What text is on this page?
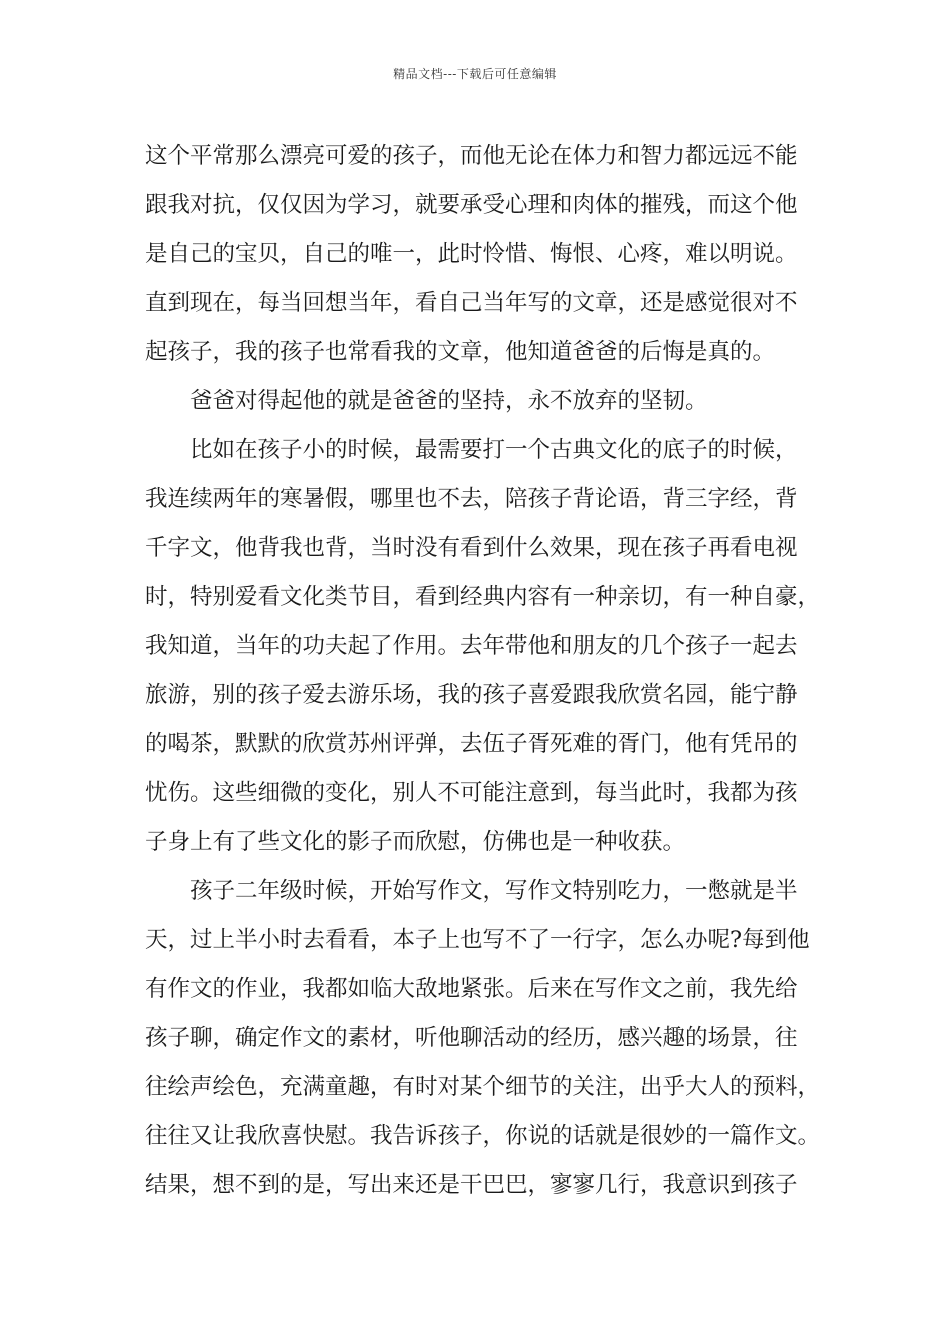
精品文档---下载后可任意编辑
这个平常那么漂亮可爱的孩子，而他无论在体力和智力都远远不能
跟我对抗，仅仅因为学习，就要承受心理和肉体的摧残，而这个他
是自己的宝贝，自己的唯一，此时怜惜、悔恨、心疼，难以明说。
直到现在，每当回想当年，看自己当年写的文章，还是感觉很对不
起孩子，我的孩子也常看我的文章，他知道爸爸的后悔是真的。
爸爸对得起他的就是爸爸的坚持，永不放弃的坚韧。
比如在孩子小的时候，最需要打一个古典文化的底子的时候，
我连续两年的寒暑假，哪里也不去，陪孩子背论语，背三字经，背
千字文，他背我也背，当时没有看到什么效果，现在孩子再看电视
时，特别爱看文化类节目，看到经典内容有一种亲切，有一种自豪，
我知道，当年的功夫起了作用。去年带他和朋友的几个孩子一起去
旅游，别的孩子爱去游乐场，我的孩子喜爱跟我欣赏名园，能宁静
的喝茶，默默的欣赏苏州评弹，去伍子胥死难的胥门，他有凭吊的
忧伤。这些细微的变化，别人不可能注意到，每当此时，我都为孩
子身上有了些文化的影子而欣慰，仿佛也是一种收获。
孩子二年级时候，开始写作文，写作文特别吃力，一憋就是半
天，过上半小时去看看，本子上也写不了一行字，怎么办呢?每到他
有作文的作业，我都如临大敌地紧张。后来在写作文之前，我先给
孩子聊，确定作文的素材，听他聊活动的经历，感兴趣的场景，往
往绘声绘色，充满童趣，有时对某个细节的关注，出乎大人的预料，
往往又让我欣喜快慰。我告诉孩子，你说的话就是很妙的一篇作文。
结果，想不到的是，写出来还是干巴巴，寥寥几行，我意识到孩子
